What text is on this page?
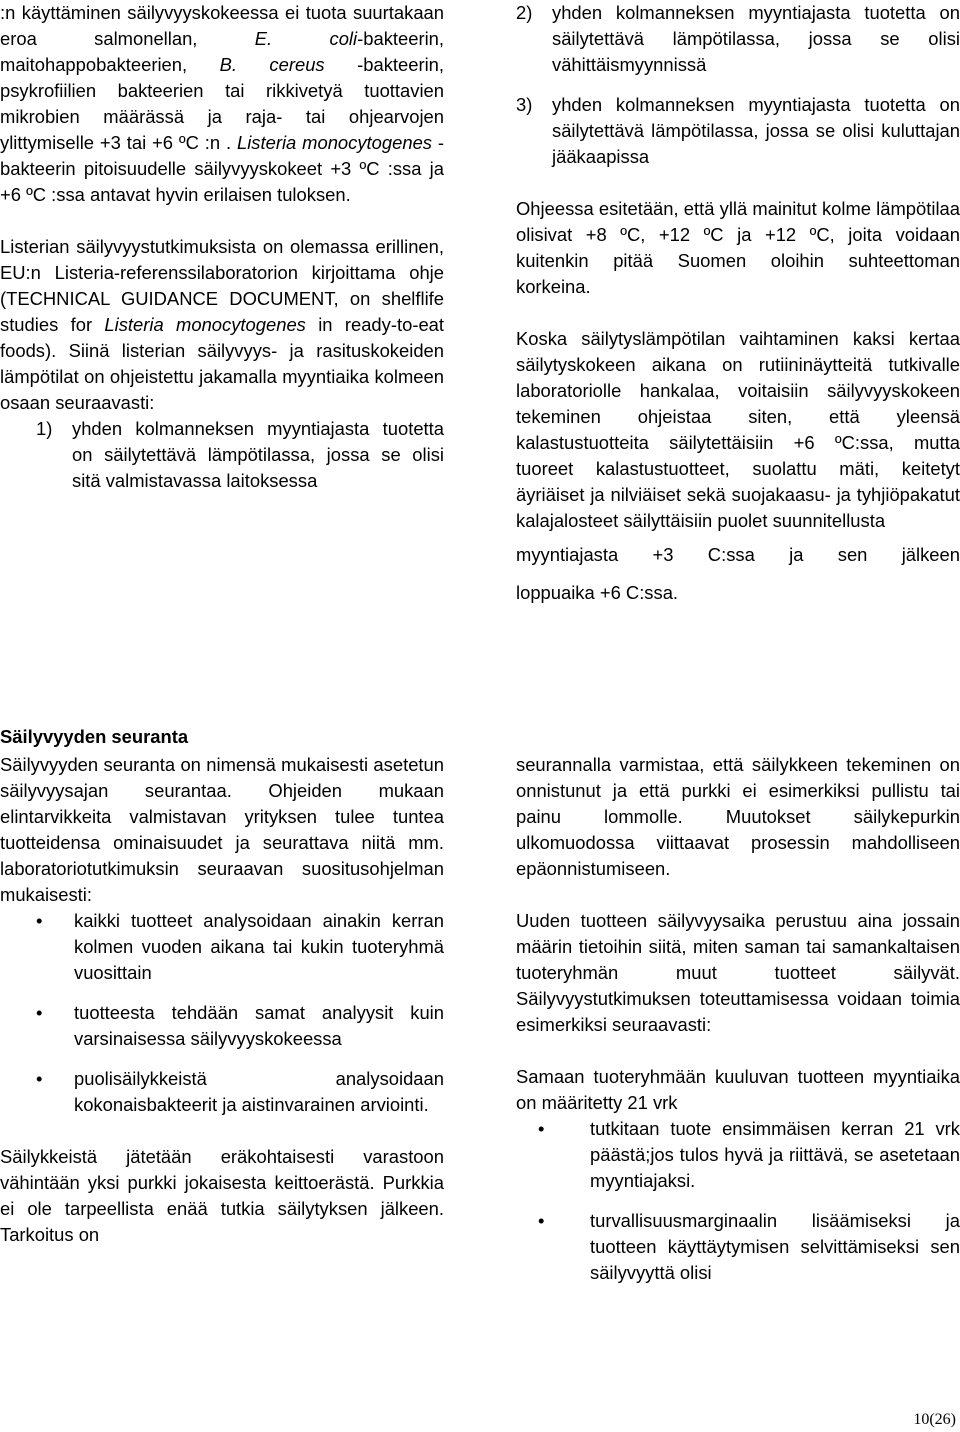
:n käyttäminen säilyvyyskokeessa ei tuota suurtakaan eroa salmonellan, E. coli-bakteerin, maitohappobakteerien, B. cereus -bakteerin, psykrofiilien bakteerien tai rikkivetyä tuottavien mikrobien määrässä ja raja- tai ohjearvojen ylittymiselle +3 tai +6 ºC :n . Listeria monocytogenes -bakteerin pitoisuudelle säilyvyyskokeet +3 ºC :ssa ja +6 ºC :ssa antavat hyvin erilaisen tuloksen.

Listerian säilyvyystutkimuksista on olemassa erillinen, EU:n Listeria-referenssilaboratorion kirjoittama ohje (TECHNICAL GUIDANCE DOCUMENT, on shelflife studies for Listeria monocytogenes in ready-to-eat foods). Siinä listerian säilyvyys- ja rasituskokeiden lämpötilat on ohjeistettu jakamalla myyntiaika kolmeen osaan seuraavasti:

1)	yhden kolmanneksen myyntiajasta tuotetta on säilytettävä lämpötilassa, jossa se olisi sitä valmistavassa laitoksessa
2)	yhden kolmanneksen myyntiajasta tuotetta on säilytettävä lämpötilassa, jossa se olisi vähittäismyynnissä
3)	yhden kolmanneksen myyntiajasta tuotetta on säilytettävä lämpötilassa, jossa se olisi kuluttajan jääkaapissa

Ohjeessa esitetään, että yllä mainitut kolme lämpötilaa olisivat +8 ºC, +12 ºC ja +12 ºC, joita voidaan kuitenkin pitää Suomen oloihin suhteettoman korkeina.

Koska säilytyslämpötilan vaihtaminen kaksi kertaa säilytyskokeen aikana on rutiininäytteitä tutkivalle laboratoriolle hankalaa, voitaisiin säilyvyyskokeen tekeminen ohjeistaa siten, että yleensä kalastustuotteita säilytettäisiin +6 ºC:ssa, mutta tuoreet kalastustuotteet, suolattu mäti, keitetyt äyriäiset ja nilviäiset sekä suojakaasu- ja tyhjiöpakatut kalajalosteet säilyttäisiin puolet suunnitellusta

myyntiajasta +3 C:ssa ja sen jälkeen

loppuaika +6 C:ssa.

Säilyvyyden seuranta

Säilyvyyden seuranta on nimensä mukaisesti asetetun säilyvyysajan seurantaa. Ohjeiden mukaan elintarvikkeita valmistavan yrityksen tulee tuntea tuotteidensa ominaisuudet ja seurattava niitä mm. laboratoriotutkimuksin seuraavan suositusohjelman mukaisesti:

•	kaikki tuotteet analysoidaan ainakin kerran kolmen vuoden aikana tai kukin tuoteryhmä vuosittain
•	tuotteesta tehdään samat analyysit kuin varsinaisessa säilyvyyskokeessa
•	puolisäilykkeistä analysoidaan kokonaisbakteerit ja aistinvarainen arviointi.

Säilykkeistä jätetään eräkohtaisesti varastoon vähintään yksi purkki jokaisesta keittoerästä. Purkkia ei ole tarpeellista enää tutkia säilytyksen jälkeen. Tarkoitus on

seurannalla varmistaa, että säilykkeen tekeminen on onnistunut ja että purkki ei esimerkiksi pullistu tai painu lommolle. Muutokset säilykepurkin ulkomuodossa viittaavat prosessin mahdolliseen epäonnistumiseen.

Uuden tuotteen säilyvyysaika perustuu aina jossain määrin tietoihin siitä, miten saman tai samankaltaisen tuoteryhmän muut tuotteet säilyvät. Säilyvyystutkimuksen toteuttamisessa voidaan toimia esimerkiksi seuraavasti:

Samaan tuoteryhmään kuuluvan tuotteen myyntiaika on määritetty 21 vrk

•	tutkitaan tuote ensimmäisen kerran 21 vrk päästä;jos tulos hyvä ja riittävä, se asetetaan myyntiajaksi.
•	turvallisuusmarginaalin lisäämiseksi ja tuotteen käyttäytymisen selvittämiseksi sen säilyvyyttä olisi
10(26)
